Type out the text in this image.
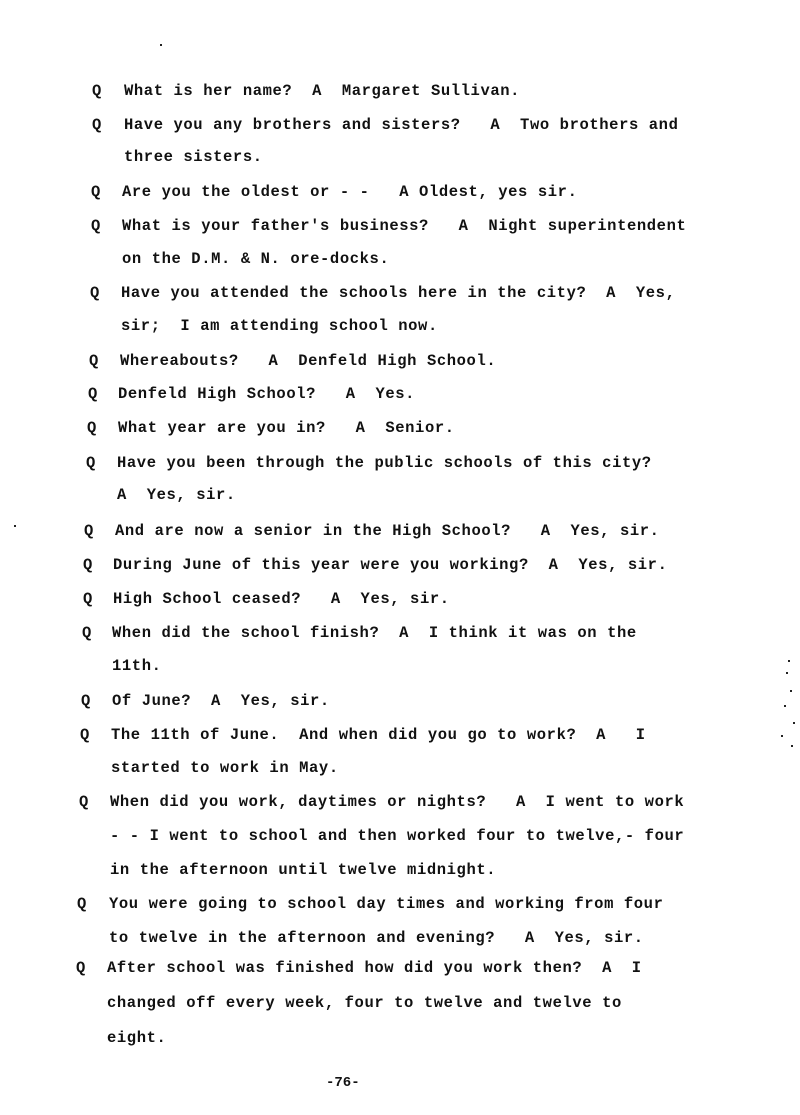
Q What is her name?  A  Margaret Sullivan.
Q Have you any brothers and sisters?   A  Two brothers and
three sisters.
Q Are you the oldest or - -   A Oldest, yes sir.
Q What is your father's business?   A  Night superintendent
on the D.M. & N. ore-docks.
Q Have you attended the schools here in the city?  A  Yes,
sir;  I am attending school now.
Q Whereabouts?   A  Denfeld High School.
Q Denfeld High School?   A  Yes.
Q What year are you in?   A  Senior.
Q Have you been through the public schools of this city?
A  Yes, sir.
Q And are now a senior in the High School?   A  Yes, sir.
Q During June of this year were you working?  A  Yes, sir.
Q High School ceased?   A  Yes, sir.
Q When did the school finish?  A  I think it was on the
11th.
Q Of June?  A  Yes, sir.
Q The 11th of June.  And when did you go to work?  A   I
started to work in May.
Q When did you work, daytimes or nights?   A  I went to work
- - I went to school and then worked four to twelve,- four
in the afternoon until twelve midnight.
Q You were going to school day times and working from four
to twelve in the afternoon and evening?   A  Yes, sir.
Q After school was finished how did you work then?  A  I
changed off every week, four to twelve and twelve to
eight.
-76-
